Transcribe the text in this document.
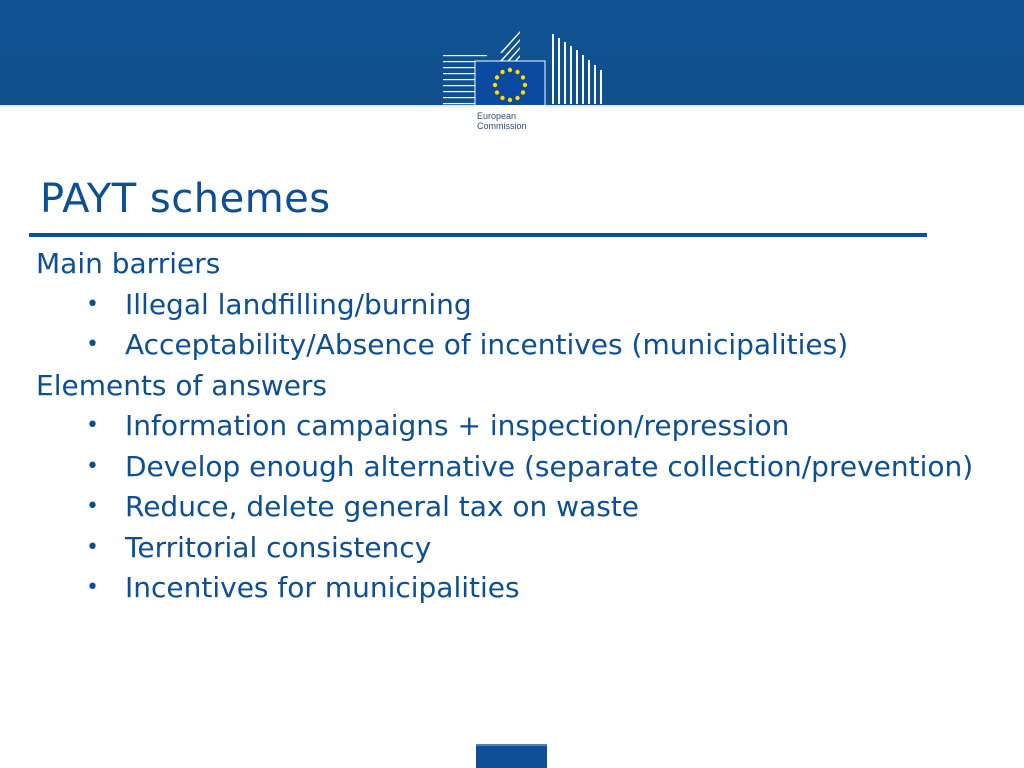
European
Commission
PAYT schemes
Main barriers
• Illegal landfilling/burning
• Acceptability/Absence of incentives (municipalities)
Elements of answers
• Information campaigns + inspection/repression
• Develop enough alternative (separate collection/prevention)
• Reduce, delete general tax on waste
• Territorial consistency
• Incentives for municipalities
